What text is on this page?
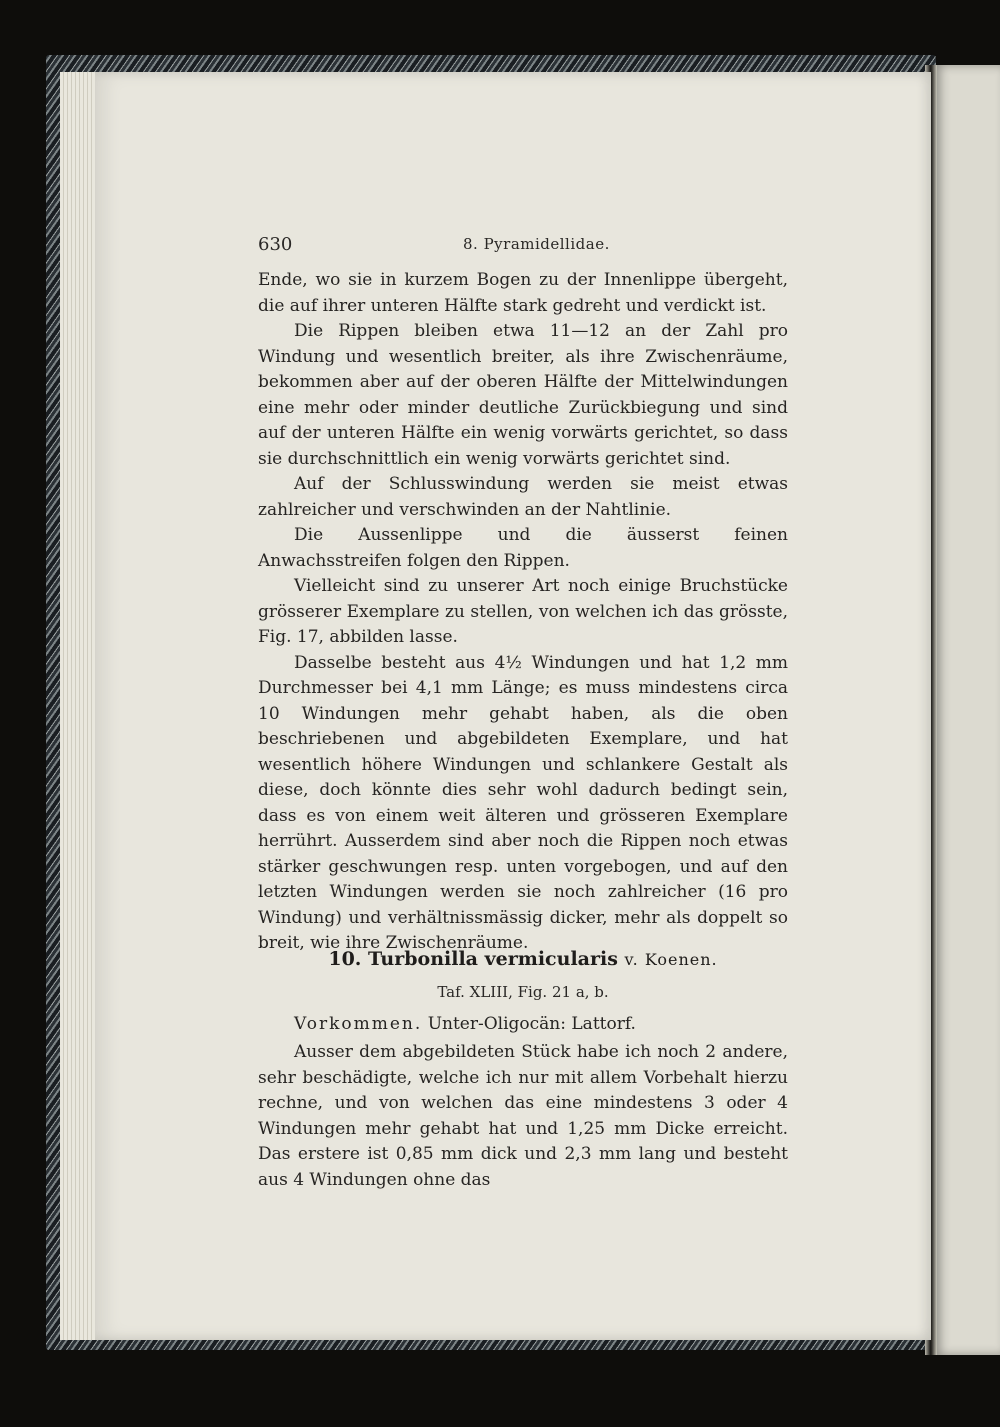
630	8. Pyramidellidae.

Ende, wo sie in kurzem Bogen zu der Innenlippe übergeht, die auf ihrer unteren Hälfte stark gedreht und verdickt ist.

Die Rippen bleiben etwa 11—12 an der Zahl pro Windung und wesentlich breiter, als ihre Zwischenräume, bekommen aber auf der oberen Hälfte der Mittelwindungen eine mehr oder minder deutliche Zurückbiegung und sind auf der unteren Hälfte ein wenig vorwärts gerichtet, so dass sie durchschnittlich ein wenig vorwärts gerichtet sind.

Auf der Schlusswindung werden sie meist etwas zahlreicher und verschwinden an der Nahtlinie.

Die Aussenlippe und die äusserst feinen Anwachsstreifen folgen den Rippen.

Vielleicht sind zu unserer Art noch einige Bruchstücke grösserer Exemplare zu stellen, von welchen ich das grösste, Fig. 17, abbilden lasse.

Dasselbe besteht aus 4½ Windungen und hat 1,2 mm Durchmesser bei 4,1 mm Länge; es muss mindestens circa 10 Windungen mehr gehabt haben, als die oben beschriebenen und abgebildeten Exemplare, und hat wesentlich höhere Windungen und schlankere Gestalt als diese, doch könnte dies sehr wohl dadurch bedingt sein, dass es von einem weit älteren und grösseren Exemplare herrührt. Ausserdem sind aber noch die Rippen noch etwas stärker geschwungen resp. unten vorgebogen, und auf den letzten Windungen werden sie noch zahlreicher (16 pro Windung) und verhältnissmässig dicker, mehr als doppelt so breit, wie ihre Zwischenräume.

10. Turbonilla vermicularis v. Koenen.
Taf. XLIII, Fig. 21 a, b.

Vorkommen. Unter-Oligocän: Lattorf.

Ausser dem abgebildeten Stück habe ich noch 2 andere, sehr beschädigte, welche ich nur mit allem Vorbehalt hierzu rechne, und von welchen das eine mindestens 3 oder 4 Windungen mehr gehabt hat und 1,25 mm Dicke erreicht. Das erstere ist 0,85 mm dick und 2,3 mm lang und besteht aus 4 Windungen ohne das
